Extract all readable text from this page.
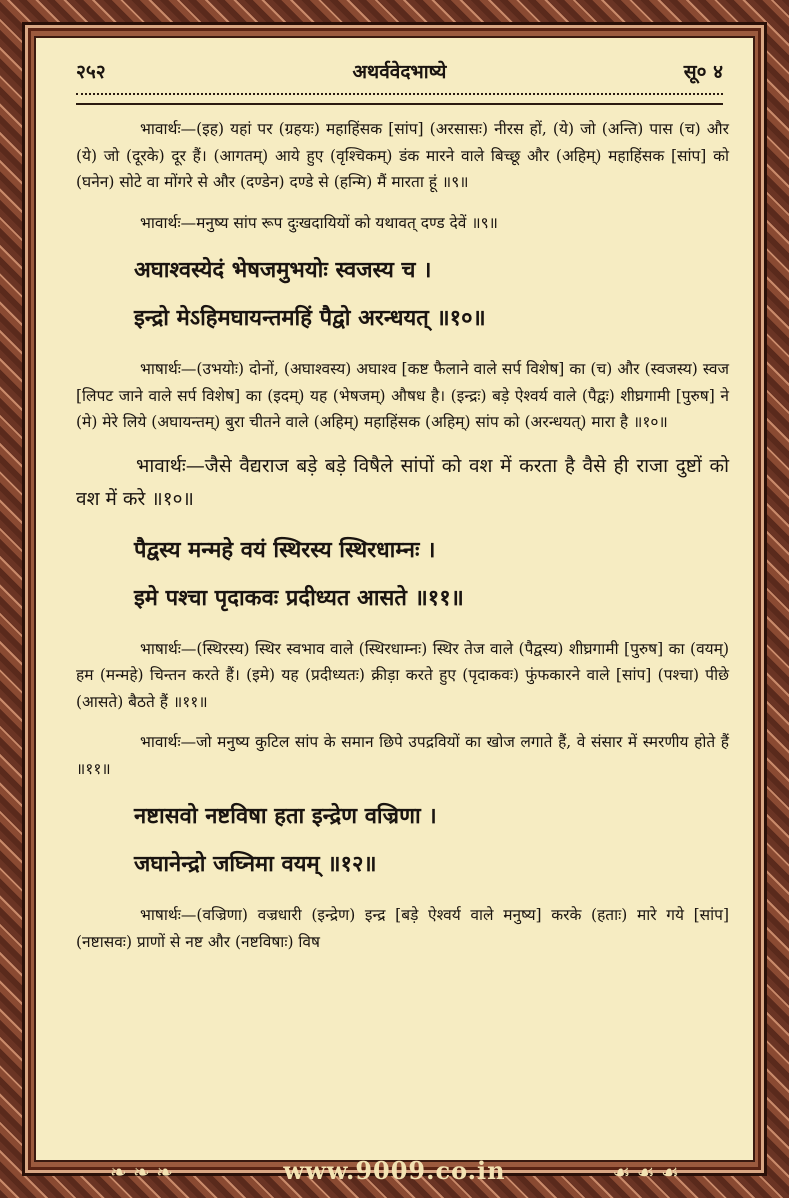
२५२	अथर्ववेदभाष्ये	सू० ४

भावार्थः—(इह) यहां पर (ग्रहयः) महाहिंसक [सांप] (अरसासः) नीरस हों, (ये) जो (अन्ति) पास (च) और (ये) जो (दूरके) दूर हैं। (आगतम्) आये हुए (वृश्चिकम्) डंक मारने वाले बिच्छू और (अहिम्) महाहिंसक [सांप] को (घनेन) सोटे वा मोंगरे से और (दण्डेन) दण्डे से (हन्मि) मैं मारता हूं ॥९॥

भावार्थः—मनुष्य सांप रूप दुःखदायियों को यथावत् दण्ड देवें ॥९॥

अघाश्वस्येदं भेषजमुभयोः स्वजस्य च ।
इन्द्रो मेऽहिमघायन्तमहिं पैद्वो अरन्धयत् ॥१०॥

भाषार्थः—(उभयोः) दोनों, (अघाश्वस्य) अघाश्व [कष्ट फैलाने वाले सर्प विशेष] का (च) और (स्वजस्य) स्वज [लिपट जाने वाले सर्प विशेष] का (इदम्) यह (भेषजम्) औषध है। (इन्द्रः) बड़े ऐश्वर्य वाले (पैद्वः) शीघ्रगामी [पुरुष] ने (मे) मेरे लिये (अघायन्तम्) बुरा चीतने वाले (अहिम्) महाहिंसक (अहिम्) सांप को (अरन्धयत्) मारा है ॥१०॥

भावार्थः—जैसे वैद्यराज बड़े बड़े विषैले सांपों को वश में करता है वैसे ही राजा दुष्टों को वश में करे ॥१०॥

पैद्वस्य मन्महे वयं स्थिरस्य स्थिरधाम्नः ।
इमे पश्चा पृदाकवः प्रदीध्यत आसते ॥११॥

भाषार्थः—(स्थिरस्य) स्थिर स्वभाव वाले (स्थिरधाम्नः) स्थिर तेज वाले (पैद्वस्य) शीघ्रगामी [पुरुष] का (वयम्) हम (मन्महे) चिन्तन करते हैं। (इमे) यह (प्रदीध्यतः) क्रीड़ा करते हुए (पृदाकवः) फुंफकारने वाले [सांप] (पश्चा) पीछे (आसते) बैठते हैं ॥११॥

भावार्थः—जो मनुष्य कुटिल सांप के समान छिपे उपद्रवियों का खोज लगाते हैं, वे संसार में स्मरणीय होते हैं ॥११॥

नष्टासवो नष्टविषा हता इन्द्रेण वज्रिणा ।
जघानेन्द्रो जघ्निमा वयम् ॥१२॥

भाषार्थः—(वज्रिणा) वज्रधारी (इन्द्रेण) इन्द्र [बड़े ऐश्वर्य वाले मनुष्य] करके (हताः) मारे गये [सांप] (नष्टासवः) प्राणों से नष्ट और (नष्टविषाः) विष

❧ ❧ ❧	www.9009.co.in	☙ ☙ ☙
